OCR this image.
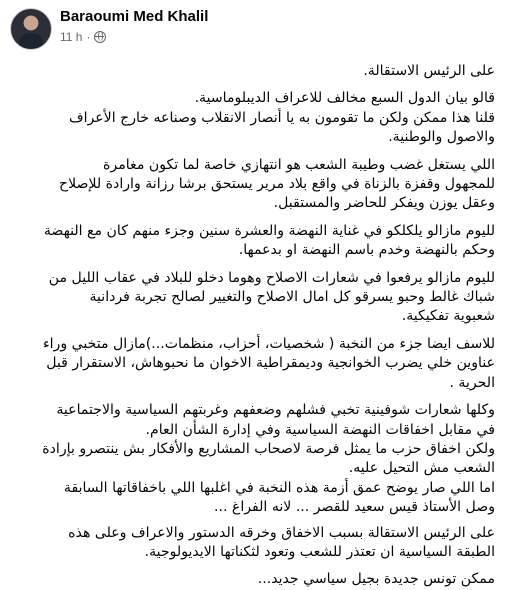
Baraoumi Med Khalil
11 h ·

على الرئيس الاستقالة.

قالو بيان الدول السبع مخالف للاعراف الديبلوماسية.
قلنا هذا ممكن ولكن ما تقومون به يا أنصار الانقلاب وصناعه خارج الأعراف
والاصول والوطنية.

اللي يستغل غضب وطيبة الشعب هو انتهازي خاصة لما تكون مغامرة
للمجهول وقفزة بالزناة في واقع بلاد مرير يستحق برشا رزانة وارادة للإصلاح
وعقل يوزن ويفكر للحاضر والمستقبل.

لليوم مازالو يلكلكو في غناية النهضة والعشرة سنين وجزء منهم كان مع النهضة
وحكم بالنهضة وخدم باسم النهضة او بدعمها.

لليوم مازالو يرفعوا في شعارات الاصلاح وهوما دخلو للبلاد في عقاب الليل من
شباك غالط وحبو يسرقو كل امال الاصلاح والتغيير لصالح تجربة فردانية
شعبوية تفكيكية.

للاسف ايضا جزء من النخبة ( شخصيات، أحزاب، منظمات...)مازال متخبي وراء
عناوين خلي يضرب الخوانجية وديمقراطية الاخوان ما نحبوهاش، الاستقرار قبل
الحرية .

وكلها شعارات شوفينية تخبي فشلهم وضعفهم وغربتهم السياسية والاجتماعية
في مقابل اخفاقات النهضة السياسية وفي إدارة الشأن العام.
ولكن اخفاق حزب ما يمثل فرصة لاصحاب المشاريع والأفكار بش ينتصرو بإرادة
الشعب مش التحيل عليه.
اما اللي صار يوضح عمق أزمة هذه النخبة في اغلبها اللي باخفاقاتها السابقة
وصل الأستاذ قيس سعيد للقصر ... لانه الفراغ ...

على الرئيس الاستقالة بسبب الاخفاق وخرقه الدستور والاعراف وعلى هذه
الطبقة السياسية ان تعتذر للشعب وتعود لثكناتها الايديولوجية.

ممكن تونس جديدة بجيل سياسي جديد...
